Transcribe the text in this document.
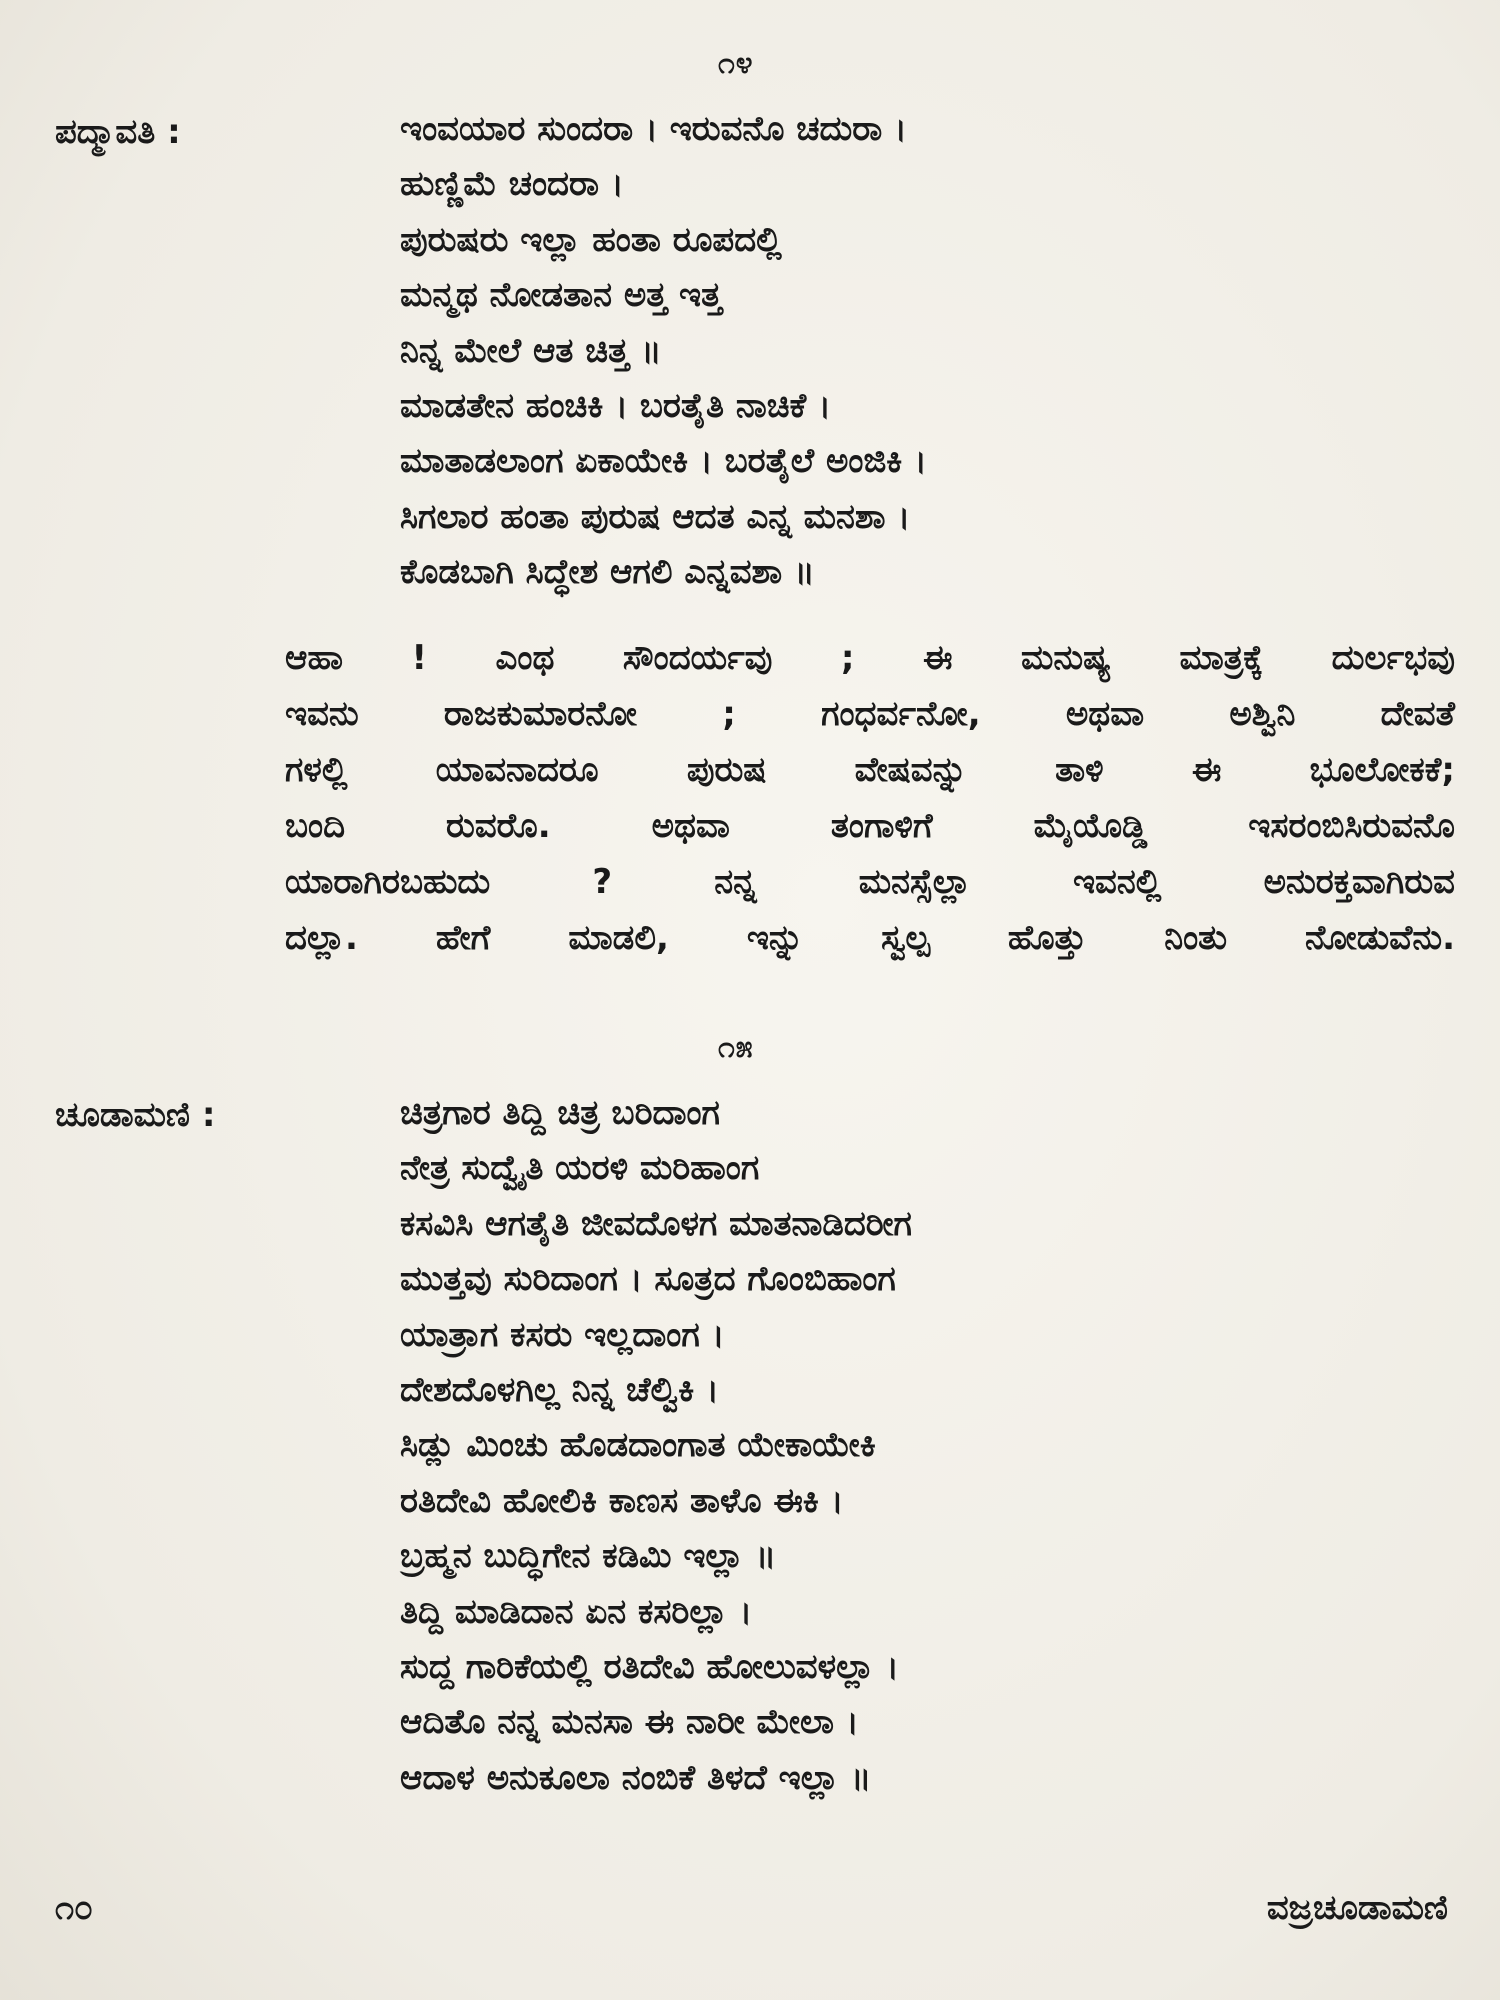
೧೪
ಪದ್ಮಾವತಿ :	ಇಂವಯಾರ ಸುಂದರಾ । ಇರುವನೊ ಚದುರಾ ।
ಹುಣ್ಣಿಮೆ ಚಂದರಾ ।
ಪುರುಷರು ಇಲ್ಲಾ ಹಂತಾ ರೂಪದಲ್ಲಿ
ಮನ್ಮಥ ನೋಡತಾನ ಅತ್ತ ಇತ್ತ
ನಿನ್ನ ಮೇಲೆ ಆತ ಚಿತ್ತ ॥
ಮಾಡತೇನ ಹಂಚಿಕಿ । ಬರತೈತಿ ನಾಚಿಕೆ ।
ಮಾತಾಡಲಾಂಗ ಏಕಾಯೇಕಿ । ಬರತೈಲೆ ಅಂಜಿಕಿ ।
ಸಿಗಲಾರ ಹಂತಾ ಪುರುಷ ಆದತ ಎನ್ನ ಮನಶಾ ।
ಕೊಡಬಾಗಿ ಸಿದ್ಧೇಶ ಆಗಲಿ ಎನ್ನವಶಾ ॥
ಆಹಾ ! ಎಂಥ ಸೌಂದರ್ಯವು ; ಈ ಮನುಷ್ಯ ಮಾತ್ರಕ್ಕೆ ದುರ್ಲಭವು
ಇವನು ರಾಜಕುಮಾರನೋ ; ಗಂಧರ್ವನೋ, ಅಥವಾ ಅಶ್ವಿನಿ ದೇವತೆ
ಗಳಲ್ಲಿ ಯಾವನಾದರೂ ಪುರುಷ ವೇಷವನ್ನು ತಾಳಿ ಈ ಭೂಲೋಕಕೆ;
ಬಂದಿ ರುವರೊ. ಅಥವಾ ತಂಗಾಳಿಗೆ ಮೈಯೊಡ್ಡಿ ಇಸರಂಬಿಸಿರುವನೊ
ಯಾರಾಗಿರಬಹುದು ? ನನ್ನ ಮನಸ್ಸೆಲ್ಲಾ ಇವನಲ್ಲಿ ಅನುರಕ್ತವಾಗಿರುವ
ದಲ್ಲಾ. ಹೇಗೆ ಮಾಡಲಿ, ಇನ್ನು ಸ್ವಲ್ಪ ಹೊತ್ತು ನಿಂತು ನೋಡುವೆನು.
೧೫
ಚೂಡಾಮಣಿ :	ಚಿತ್ರಗಾರ ತಿದ್ದಿ ಚಿತ್ರ ಬರಿದಾಂಗ
ನೇತ್ರ ಸುದ್ವೈತಿ ಯರಳಿ ಮರಿಹಾಂಗ
ಕಸವಿಸಿ ಆಗತೈತಿ ಜೀವದೊಳಗ ಮಾತನಾಡಿದರೀಗ
ಮುತ್ತವು ಸುರಿದಾಂಗ । ಸೂತ್ರದ ಗೊಂಬಿಹಾಂಗ
ಯಾತ್ರಾಗ ಕಸರು ಇಲ್ಲದಾಂಗ ।
ದೇಶದೊಳಗಿಲ್ಲ ನಿನ್ನ ಚೆಲ್ವಿಕಿ ।
ಸಿಡ್ಲು ಮಿಂಚು ಹೊಡದಾಂಗಾತ ಯೇಕಾಯೇಕಿ
ರತಿದೇವಿ ಹೋಲಿಕಿ ಕಾಣಸ ತಾಳೊ ಈಕಿ ।
ಬ್ರಹ್ಮನ ಬುದ್ಧಿಗೇನ ಕಡಿಮಿ ಇಲ್ಲಾ ॥
ತಿದ್ದಿ ಮಾಡಿದಾನ ಏನ ಕಸರಿಲ್ಲಾ ।
ಸುದ್ದ ಗಾರಿಕೆಯಲ್ಲಿ ರತಿದೇವಿ ಹೋಲುವಳಲ್ಲಾ ।
ಆದಿತೊ ನನ್ನ ಮನಸಾ ಈ ನಾರೀ ಮೇಲಾ ।
ಆದಾಳ ಅನುಕೂಲಾ ನಂಬಿಕೆ ತಿಳದೆ ಇಲ್ಲಾ ॥
೧೦	ವಜ್ರಚೂಡಾಮಣಿ
